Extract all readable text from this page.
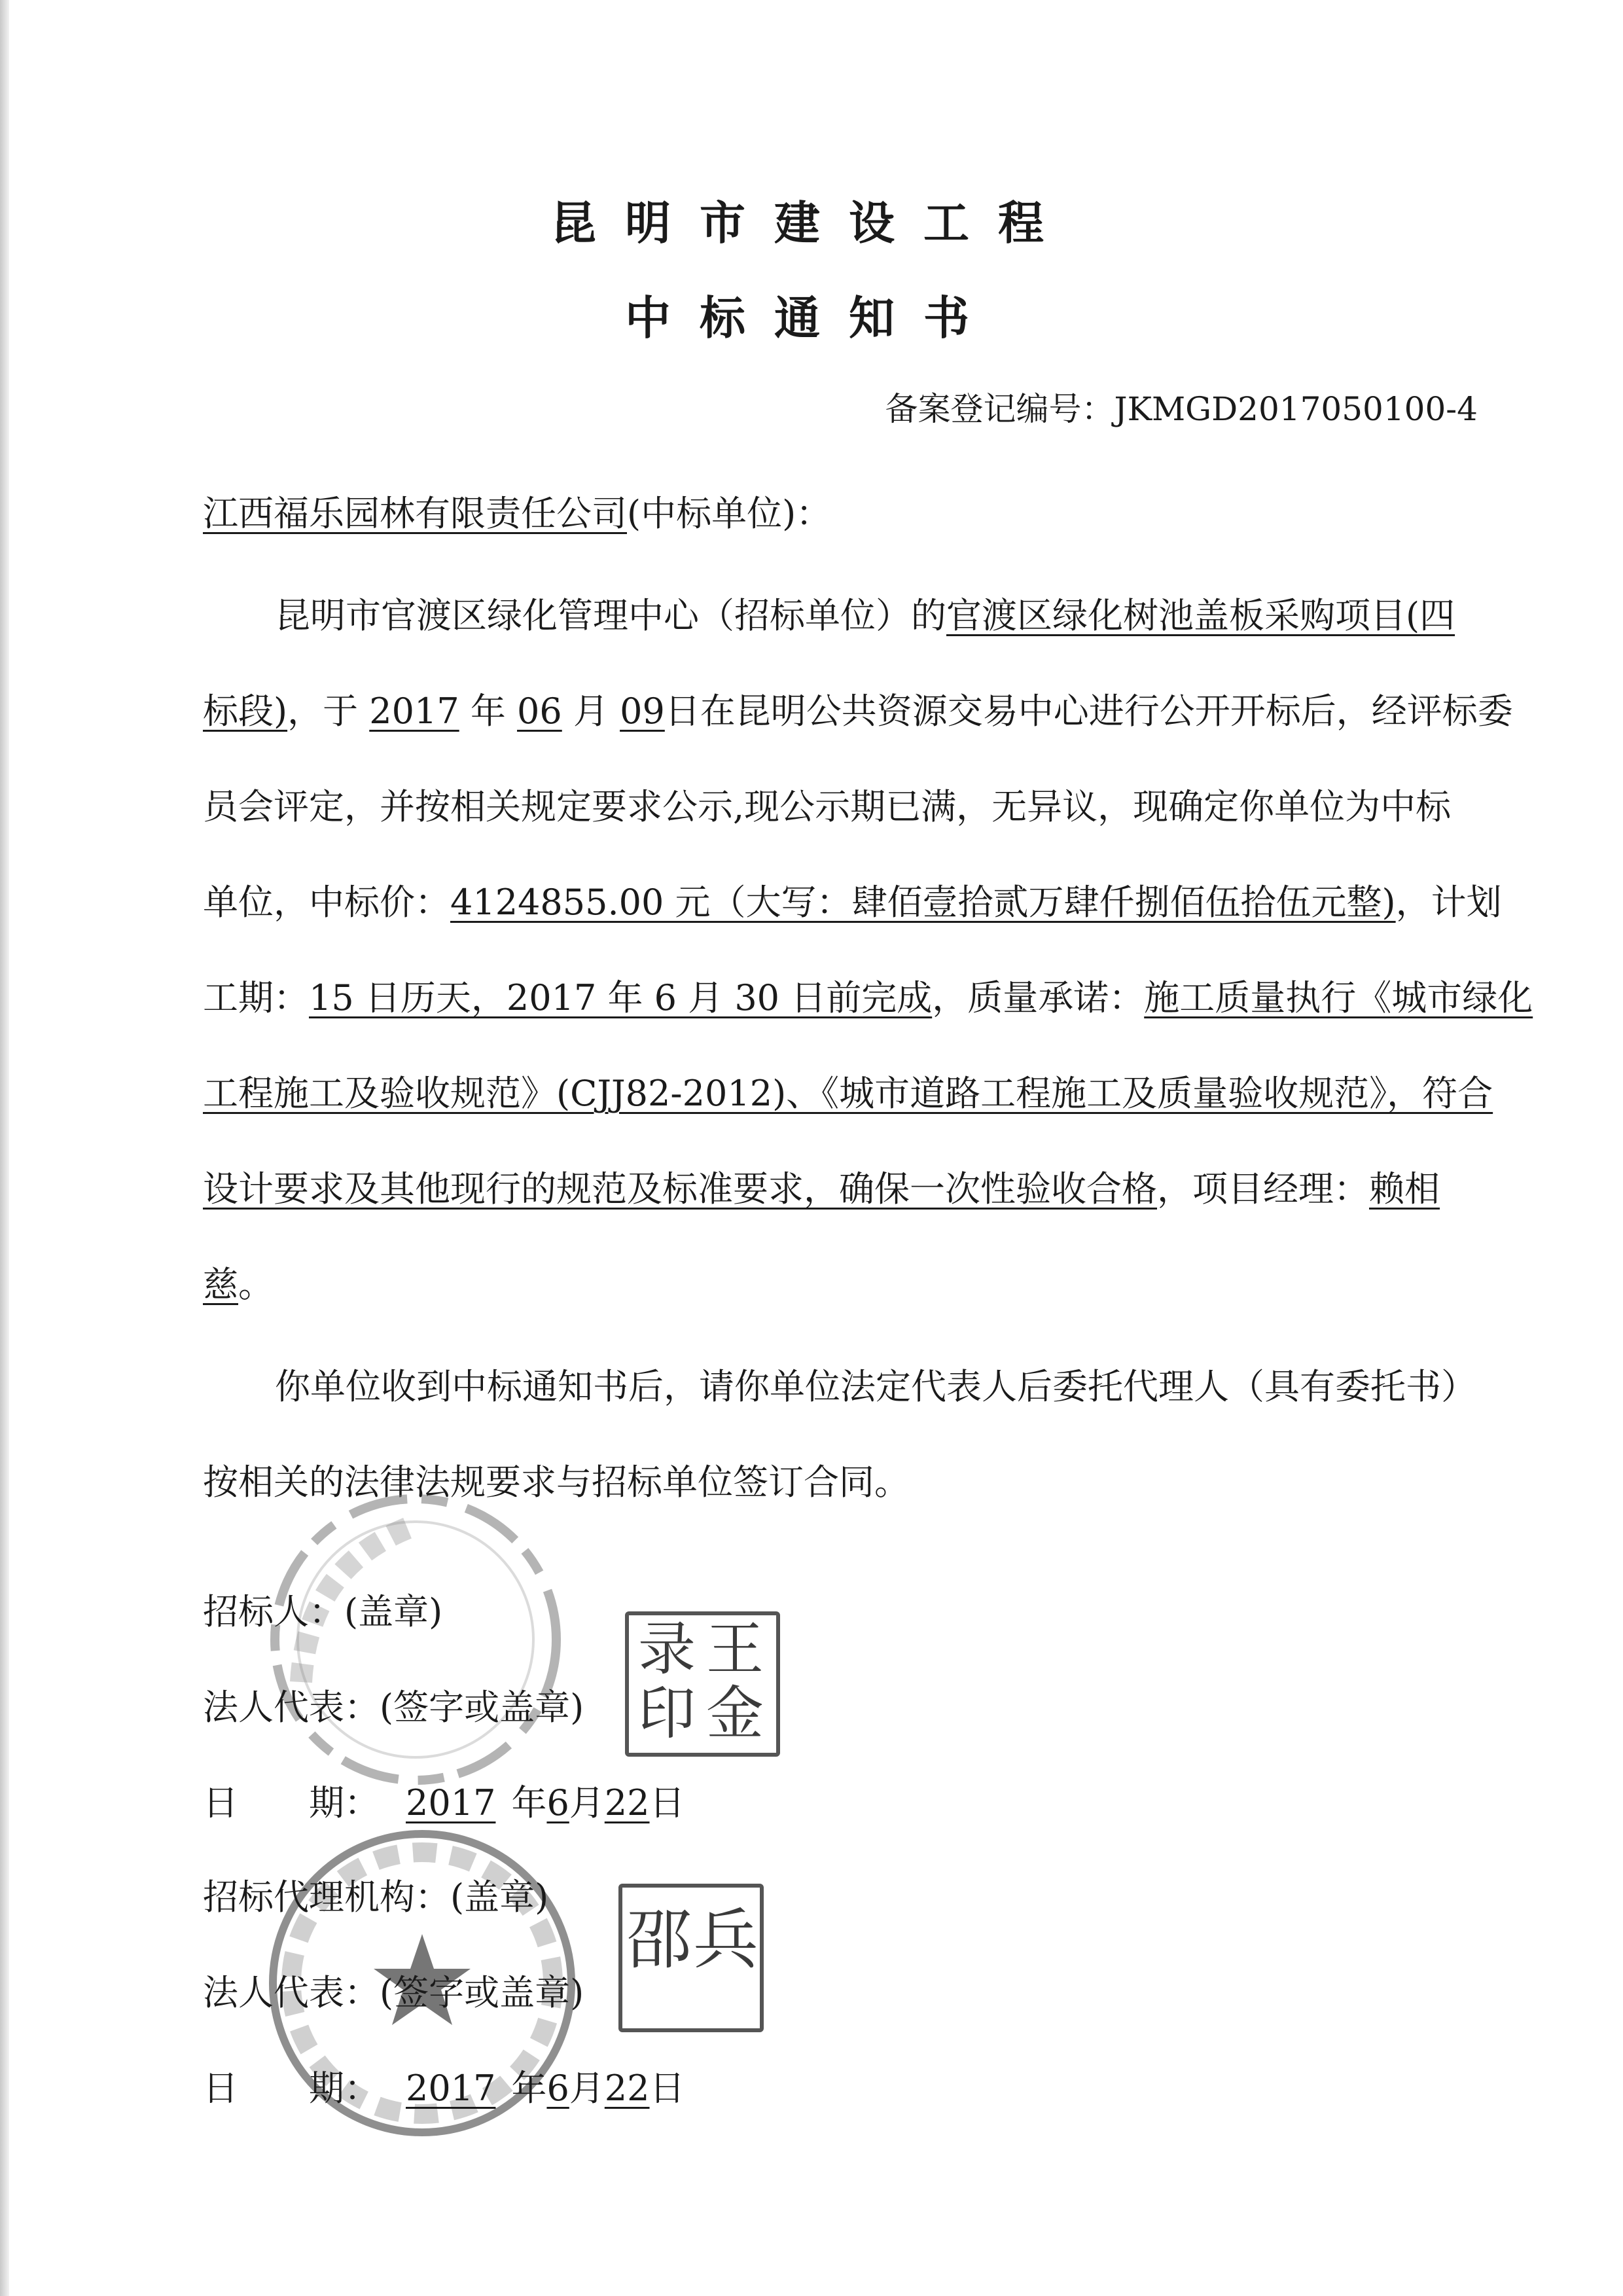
昆明市建设工程
中标通知书
备案登记编号：JKMGD2017050100-4
江西福乐园林有限责任公司(中标单位)：
昆明市官渡区绿化管理中心（招标单位）的官渡区绿化树池盖板采购项目(四
标段)，于 2017 年 06 月 09日在昆明公共资源交易中心进行公开开标后，经评标委
员会评定，并按相关规定要求公示,现公示期已满，无异议，现确定你单位为中标
单位，中标价：4124855.00 元（大写：肆佰壹拾贰万肆仟捌佰伍拾伍元整)，计划
工期：15 日历天，2017 年 6 月 30 日前完成，质量承诺：施工质量执行《城市绿化
工程施工及验收规范》(CJJ82-2012)、《城市道路工程施工及质量验收规范》，符合
设计要求及其他现行的规范及标准要求，确保一次性验收合格，项目经理：赖相
慈。
你单位收到中标通知书后，请你单位法定代表人后委托代理人（具有委托书）
按相关的法律法规要求与招标单位签订合同。
招标人：(盖章)
法人代表：(签字或盖章)
日　　期： 2017 年6月22日
王
金
录
印
招标代理机构：(盖章)
法人代表：(签字或盖章)
日　　期： 2017 年6月22日
兵
邵
